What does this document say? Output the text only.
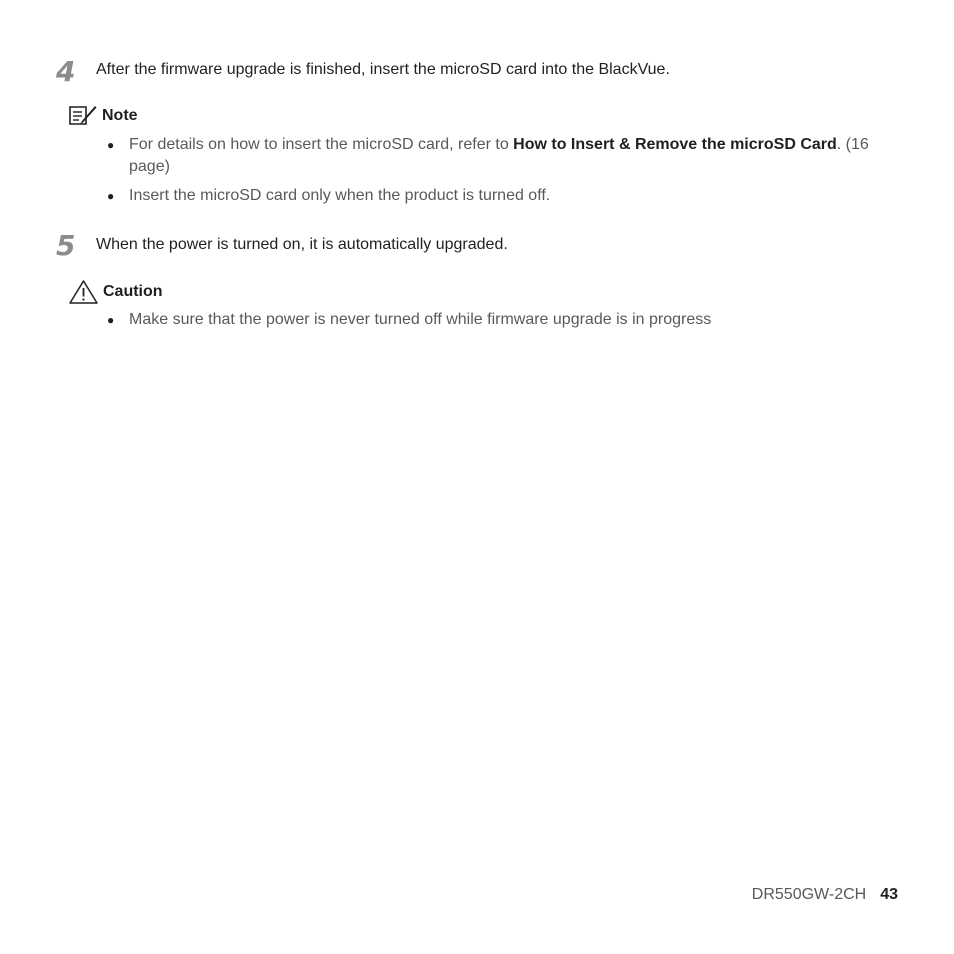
4 After the firmware upgrade is finished, insert the microSD card into the BlackVue.
Note
● For details on how to insert the microSD card, refer to How to Insert & Remove the microSD Card. (16 page)
● Insert the microSD card only when the product is turned off.
5 When the power is turned on, it is automatically upgraded.
Caution
● Make sure that the power is never turned off while firmware upgrade is in progress
DR550GW-2CH 43
